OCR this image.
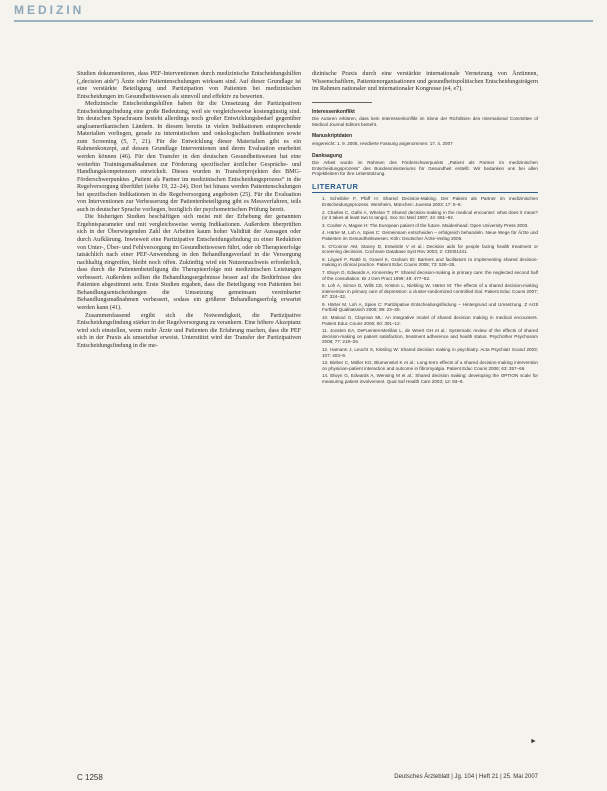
MEDIZIN

Studien dokumentieren, dass PEF-Interventionen durch medizinische Entscheidungshilfen („decision aids“) Ärzte oder Patientenschulungen wirksam sind. Auf dieser Grundlage ist eine verstärkte Beteiligung und Partizipation von Patienten bei medizinischen Entscheidungen im Gesundheitswesen als sinnvoll und effektiv zu bewerten.

Medizinische Entscheidungshilfen haben für die Umsetzung der Partizipativen Entscheidungsfindung eine große Bedeutung, weil sie vergleichsweise kostengünstig sind. Im deutschen Sprachraum besteht allerdings noch großer Entwicklungsbedarf gegenüber angloamerikanischen Ländern. In diesem bereits in vielen Indikationen entsprechende Materialien vorliegen, gerade zu internistischen und onkologischen Indikationen sowie zum Screening (5, 7, 21). Für die Entwicklung dieser Materialien gibt es ein Rahmenkonzept, auf dessen Grundlage Interventionen und deren Evaluation erarbeitet werden können (46). Für den Transfer in den deutschen Gesundheitswesen hat eine weiterhin Trainingsmaßnahmen zur Förderung spezifischer ärztlicher Gespräche- und Handlungskompetenzen entwickelt. Dieses wurden in Transferprojekten des BMG-Förderschwerpunktes „Patient als Partner im medizinischen Entscheidungsprozess“ in die Regelversorgung überführt (siehe 19, 22–24). Dort bei hinaus werden Patientenschulungen bei spezifischen Indikationen in die Regelversorgung angeboten (25). Für die Evaluation von Interventionen zur Verbesserung der Patientenbeteiligung gibt es Messverfahren, teils auch in deutscher Sprache vorliegen, bezüglich der psychometrischen Prüfung bereit.

Die bisherigen Studien beschäftigen sich meist mit der Erhebung der genannten Ergebnisparameter und mit vergleichsweise wenig Indikationen. Außerdem überprüften sich in der Überwiegenden Zahl der Arbeiten kaum hoher Validität der Aussagen oder durch Aufklärung. Inwieweit eine Partizipative Entscheidungsfindung zu einer Reduktion von Unter-, Über- und Fehlversorgung im Gesundheitswesen führt, oder ob Therapieerfolge tatsächlich nach einer PEF-Anwendung in den Behandlungsverlauf in die Versorgung nachhaltig eingreifen, bleibt noch offen. Zukünftig wird ein Nutzennachweis erforderlich, dass durch die Patientenbeteiligung die Therapieerfolge mit medizinischen Leistungen verbessert. Außerdem sollten die Behandlungsergebnisse besser auf die Bedürfnisse des Patienten abgestimmt sein. Erste Studien ergaben, dass die Beteiligung von Patienten bei Behandlungsentscheidungen die Umsetzung gemeinsam vereinbarter Behandlungsmaßnahmen verbessert, sodass ein größerer Behandlungserfolg erwartet werden kann (41).

Zusammenfassend ergibt sich die Notwendigkeit, die Partizipative Entscheidungsfindung stärker in der Regelversorgung zu verankern. Eine höhere Akzeptanz wird sich einstellen, wenn mehr Ärzte und Patienten die Erfahrung machen, dass die PEF sich in der Praxis als umsetzbar erweist. Unterstützt wird der Transfer der Partizipativen Entscheidungsfindung in die me-

dizinische Praxis durch eine verstärkte internationale Vernetzung von Ärztinnen, Wissenschaftlern, Patientenorganisationen und gesundheitspolitischen Entscheidungsträgern im Rahmen nationaler und internationaler Kongresse (e4, e7).

Interessenkonflikt
Die Autoren erklären, dass kein Interessenkonflikt im Sinne der Richtlinien des International Committee of Medical Journal Editors besteht.
Manuskriptdaten
eingereicht: 1. 9. 2006, revidierte Fassung angenommen: 17. 4. 2007
Danksagung
Die Arbeit wurde im Rahmen des Förderschwerpunkts „Patient als Partner im medizinischen Entscheidungsprozess“ des Bundesministeriums für Gesundheit erstellt. Wir bedanken uns bei allen Projektleitern für ihre Unterstützung.
LITERATUR
1. Scheibler F, Pfaff H: Shared Decision-Making. Der Patient als Partner im medizinischen Entscheidungsprozess. Weinheim, München: Juventa 2003; 17: 5–8.
2. Charles C, Gafni A, Whelan T: Shared decision-making in the medical encounter: what does it mean? (or it takes at least two to tango). Soc Sci Med 1997; 44: 681–92.
3. Coulter A, Magee H: The European patient of the future. Maidenhead: Open University Press 2003.
4. Härter M, Loh A, Spies C: Gemeinsam entscheiden – erfolgreich behandeln. Neue Wege für Ärzte und Patienten im Gesundheitswesen. Köln: Deutscher Ärzte-Verlag 2005.
5. O'Connor AM, Stacey D, Entwistle V et al.: Decision aids for people facing health treatment or screening decisions. Cochrane Database Syst Rev 2003; 2: CD001431.
6. Légaré F, Ratté S, Gravel K, Graham ID: Barriers and facilitators to implementing shared decision-making in clinical practice. Patient Educ Couns 2008; 73: 526–35.
7. Elwyn G, Edwards A, Kinnersley P: Shared decision-making in primary care: the neglected second half of the consultation. Br J Gen Pract 1999; 49: 477–82.
8. Loh A, Simon D, Wills CE, Kriston L, Niebling W, Härter M: The effects of a shared decision-making intervention in primary care of depression: a cluster-randomized controlled trial. Patient Educ Couns 2007; 67: 324–32.
9. Härter M, Loh A, Spies C: Partizipative Entscheidungsfindung – Hintergrund und Umsetzung. Z Arztl Fortbild Qualitatssich 2005; 99: 23–30.
10. Makoul G, Clayman ML: An integrative model of shared decision making in medical encounters. Patient Educ Couns 2006; 60: 301–12.
11. Joosten EA, DeFuentes-Merillas L, de Weert GH et al.: Systematic review of the effects of shared decision-making on patient satisfaction, treatment adherence and health status. Psychother Psychosom 2008; 77: 219–26.
12. Hamann J, Leucht S, Kissling W: Shared decision making in psychiatry. Acta Psychiatr Scand 2003; 107: 403–9.
13. Bieber C, Müller KG, Blumenstiel K et al.: Long-term effects of a shared decision-making intervention on physician-patient interaction and outcome in fibromyalgia. Patient Educ Couns 2006; 63: 357–66.
14. Elwyn G, Edwards A, Wensing M et al.: Shared decision making: developing the OPTION scale for measuring patient involvement. Qual Saf Health Care 2003; 12: 93–9.
►
C 1258	Deutsches Ärzteblatt | Jg. 104 | Heft 21 | 25. Mai 2007
